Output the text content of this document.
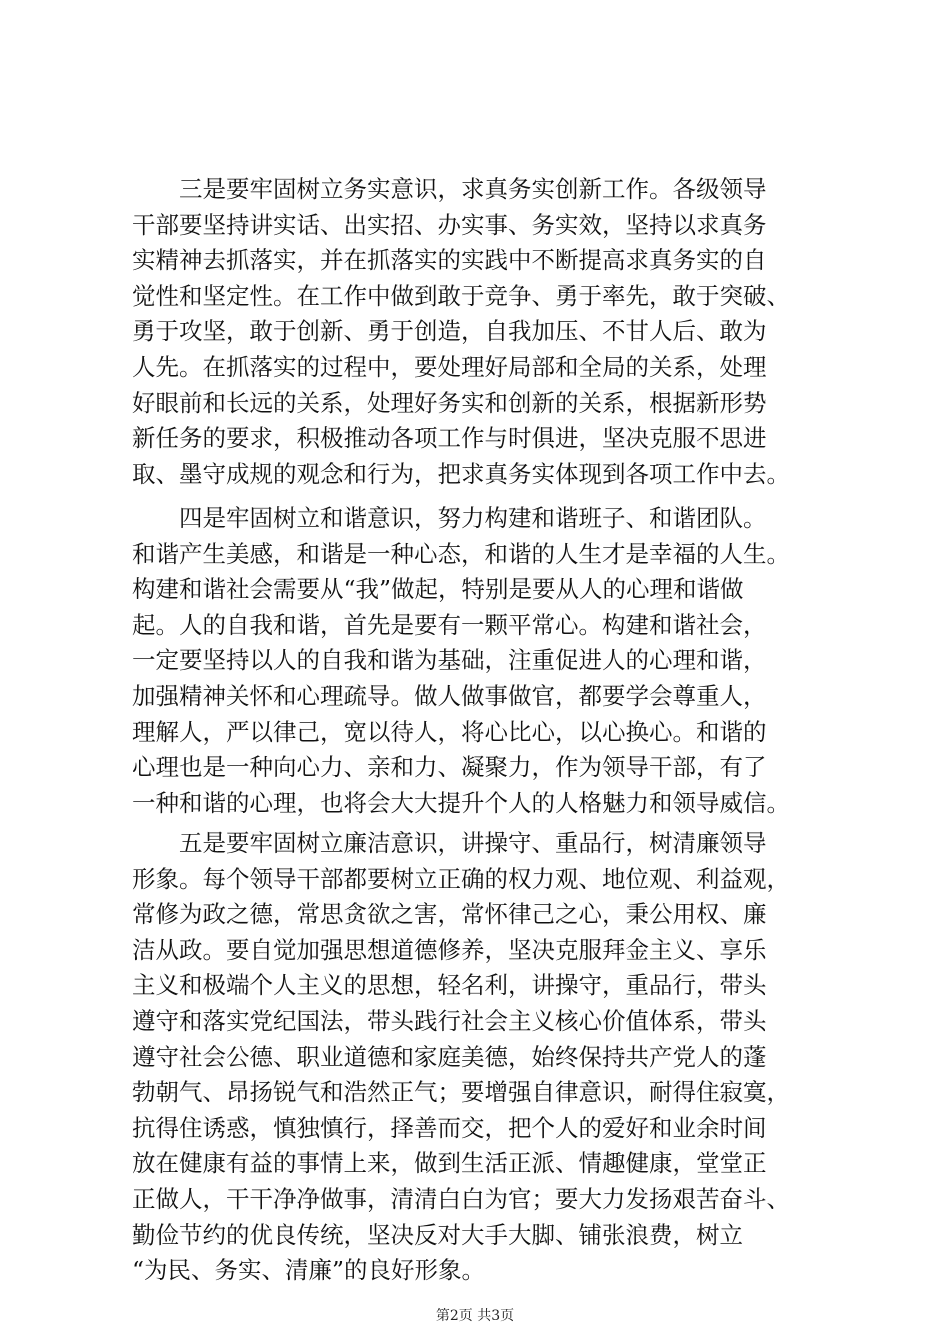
　　三是要牢固树立务实意识，求真务实创新工作。各级领导
干部要坚持讲实话、出实招、办实事、务实效，坚持以求真务
实精神去抓落实，并在抓落实的实践中不断提高求真务实的自
觉性和坚定性。在工作中做到敢于竞争、勇于率先，敢于突破、
勇于攻坚，敢于创新、勇于创造，自我加压、不甘人后、敢为
人先。在抓落实的过程中，要处理好局部和全局的关系，处理
好眼前和长远的关系，处理好务实和创新的关系，根据新形势
新任务的要求，积极推动各项工作与时俱进，坚决克服不思进
取、墨守成规的观念和行为，把求真务实体现到各项工作中去。
　　四是牢固树立和谐意识，努力构建和谐班子、和谐团队。
和谐产生美感，和谐是一种心态，和谐的人生才是幸福的人生。
构建和谐社会需要从“我”做起，特别是要从人的心理和谐做
起。人的自我和谐，首先是要有一颗平常心。构建和谐社会，
一定要坚持以人的自我和谐为基础，注重促进人的心理和谐，
加强精神关怀和心理疏导。做人做事做官，都要学会尊重人，
理解人，严以律己，宽以待人，将心比心，以心换心。和谐的
心理也是一种向心力、亲和力、凝聚力，作为领导干部，有了
一种和谐的心理，也将会大大提升个人的人格魅力和领导威信。
　　五是要牢固树立廉洁意识，讲操守、重品行，树清廉领导
形象。每个领导干部都要树立正确的权力观、地位观、利益观，
常修为政之德，常思贪欲之害，常怀律己之心，秉公用权、廉
洁从政。要自觉加强思想道德修养，坚决克服拜金主义、享乐
主义和极端个人主义的思想，轻名利，讲操守，重品行，带头
遵守和落实党纪国法，带头践行社会主义核心价值体系，带头
遵守社会公德、职业道德和家庭美德，始终保持共产党人的蓬
勃朝气、昂扬锐气和浩然正气；要增强自律意识，耐得住寂寞，
抗得住诱惑，慎独慎行，择善而交，把个人的爱好和业余时间
放在健康有益的事情上来，做到生活正派、情趣健康，堂堂正
正做人，干干净净做事，清清白白为官；要大力发扬艰苦奋斗、
勤俭节约的优良传统，坚决反对大手大脚、铺张浪费，树立
“为民、务实、清廉”的良好形象。
第2页 共3页
